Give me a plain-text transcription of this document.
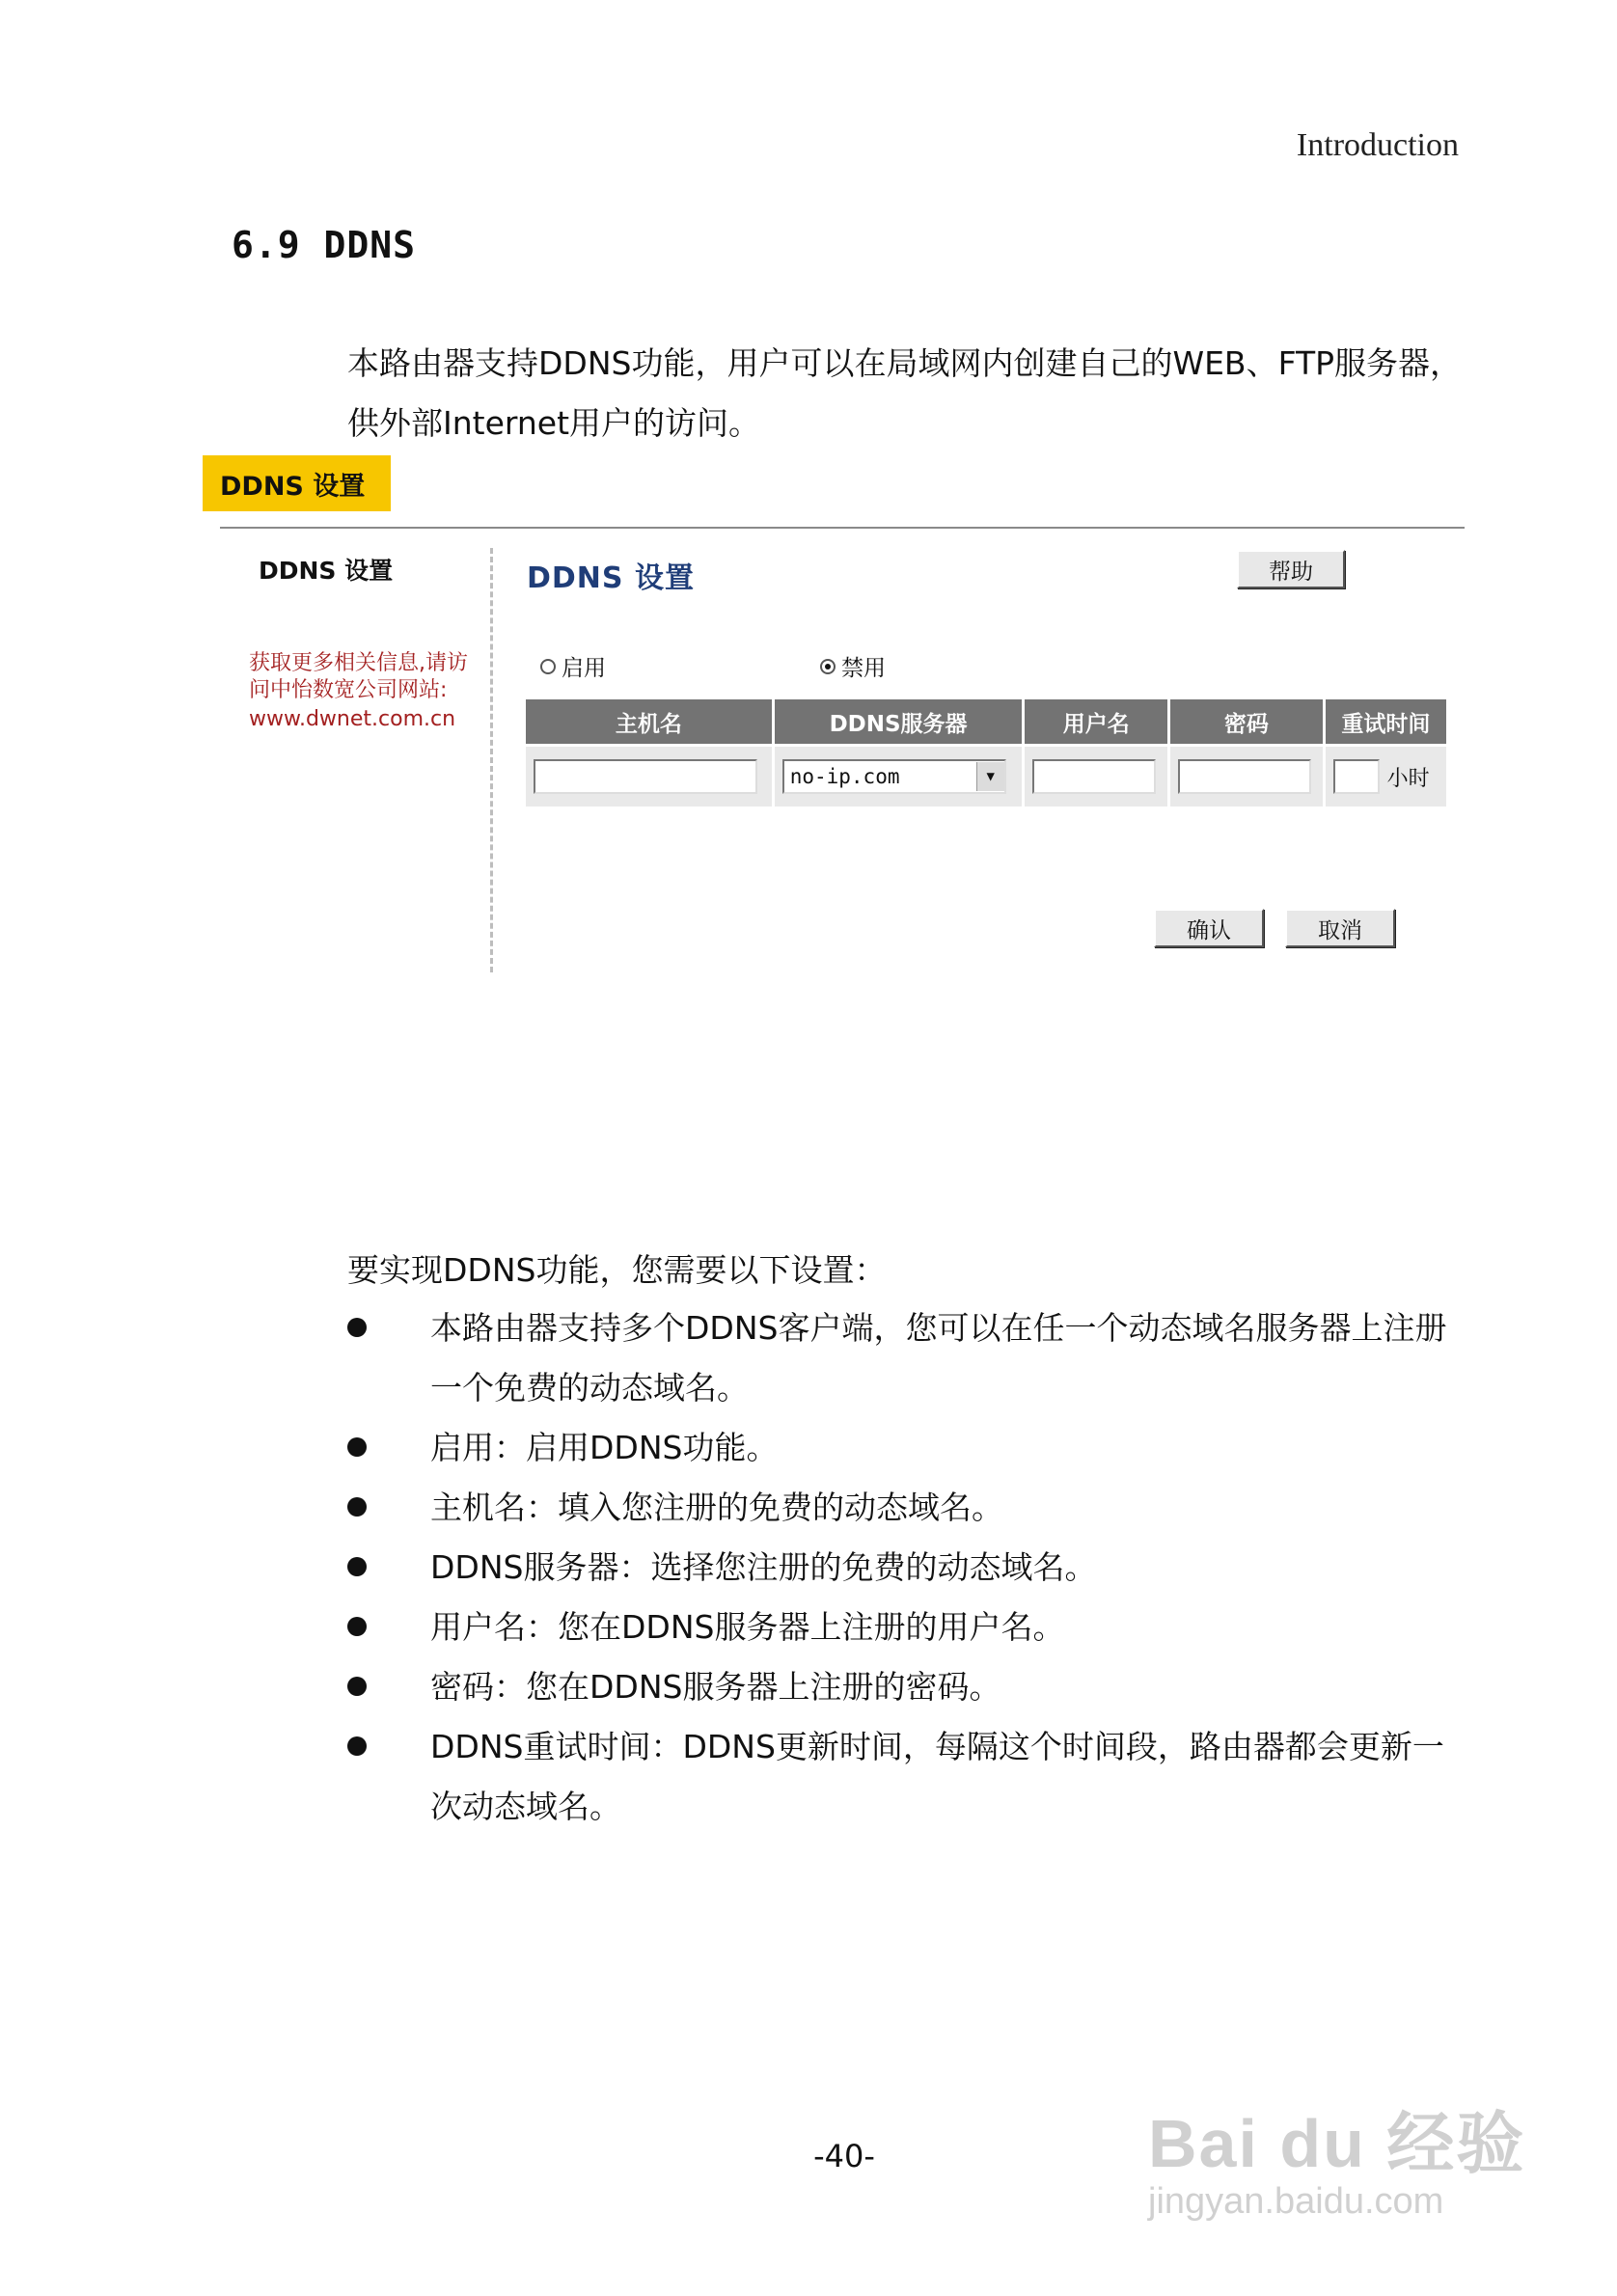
Introduction
6.9 DDNS
本路由器支持DDNS功能，用户可以在局域网内创建自己的WEB、FTP服务器，
供外部Internet用户的访问。
DDNS 设置
DDNS 设置
获取更多相关信息,请访问中怡数宽公司网站:
www.dwnet.com.cn
DDNS 设置	帮助
启用	禁用
主机名	DDNS服务器	用户名	密码	重试时间

	no-ip.com ▼			小时
确认	取消
要实现DDNS功能，您需要以下设置：
本路由器支持多个DDNS客户端，您可以在任一个动态域名服务器上注册一个免费的动态域名。
启用：启用DDNS功能。
主机名：填入您注册的免费的动态域名。
DDNS服务器：选择您注册的免费的动态域名。
用户名：您在DDNS服务器上注册的用户名。
密码：您在DDNS服务器上注册的密码。
DDNS重试时间：DDNS更新时间，每隔这个时间段，路由器都会更新一次动态域名。
-40-	Bai du 经验
jingyan.baidu.com
